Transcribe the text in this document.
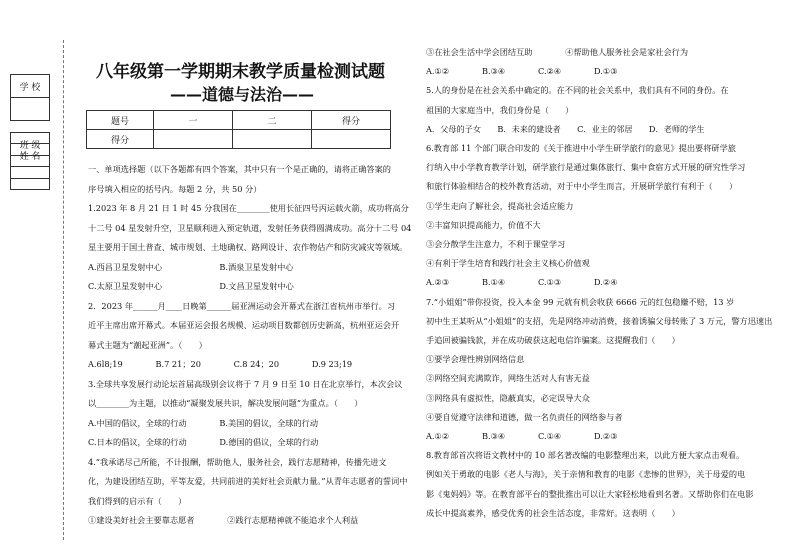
学 校
班 级
姓 名
八年级第一学期期末教学质量检测试题
——道德与法治——
题号	一	二	得分
得分			
一、单项选择题（以下各题都有四个答案，其中只有一个是正确的，请将正确答案的
序号填入相应的括号内。每题 2 分，共 50 分）
1.2023 年 8 月 21 日 1 时 45 分我国在________使用长征四号丙运载火箭，成功将高分
十二号 04 星发射升空，卫星顺利进入预定轨道，发射任务获得圆满成功。高分十二号 04
星主要用于国土普查、城市规划、土地确权、路网设计、农作物估产和防灾减灾等领域。
A.西昌卫星发射中心　　　　　　　B.酒泉卫星发射中心
C.太原卫星发射中心　　　　　　　D.文昌卫星发射中心
2．2023 年______月____日晚第______届亚洲运动会开幕式在浙江省杭州市举行。习
近平主席出席开幕式。本届亚运会报名规模、运动项目数都创历史新高，杭州亚运会开
幕式主题为“潮起亚洲”。（　　）
A.6l8;19　　　　B.7 21；20　　　　C.8 24；20　　　　D.9 23;19
3.全球共享发展行动论坛首届高级别会议将于 7 月 9 日至 10 日在北京举行，本次会议
以________为主题，以推动“凝聚发展共识，解决发展问题”为重点。（　　）
A.中国的倡议，全球的行动　　　　B.美国的倡议，全球的行动
C.日本的倡议，全球的行动　　　　D.德国的倡议，全球的行动
4.“我承诺尽己所能，不计报酬，帮助他人，服务社会，践行志愿精神，传播先进文
化，为建设团结互助，平等友爱，共同前进的美好社会贡献力量。”从青年志愿者的誓词中
我们得到的启示有（　　）
①建设美好社会主要靠志愿者　　　　②践行志愿精神就不能追求个人利益
③在社会生活中学会团结互助　　　　④帮助他人服务社会是家社会行为
A.①②　　　　B.③④　　　　C.②④　　　　D.①③
5.人的身份是在社会关系中确定的。在不同的社会关系中，我们具有不同的身份。在
祖国的大家庭当中，我们身份是（　　）
A．父母的子女　　B．未来的建设者　　C．业主的邻居　　D．老师的学生
6.教育部 11 个部门联合印发的《关于推进中小学生研学旅行的意见》提出要将研学旅
行纳入中小学教育教学计划，研学旅行是通过集体旅行、集中食宿方式开展的研究性学习
和旅行体验相结合的校外教育活动，对于中小学生而言，开展研学旅行有利于（　　）
①学生走向了解社会，提高社会适应能力
②丰富知识提高能力，价值不大
③会分散学生注意力，不利于课堂学习
④有利于学生培育和践行社会主义核心价值观
A.②③　　　　B.①④　　　　C.①③　　　　D.②④
7.“小姐姐”带你投资，投入本金 99 元就有机会收获 6666 元的红包稳赚不赔，13 岁
初中生王某听从“小姐姐”的支招，先是网络冲动消费，接着诱骗父母转账了 3 万元，警方迅速出
手追回被骗钱款，并在成功破获这起电信诈骗案。这提醒我们（　　）
①要学会理性辨别网络信息
②网络空间充满欺诈，网络生活对人有害无益
③网络具有虚拟性，隐蔽真实，必定误导大众
④要自觉遵守法律和道德，做一名负责任的网络参与者
A.①②　　　　B.③④　　　　C.①④　　　　D.②③
8.教育部首次将语文教材中的 10 部名著改编的电影整理出来，以此方便大家点击观看。
例如关于勇敢的电影《老人与海》，关于亲情和教育的电影《悲惨的世界》，关于母爱的电
影《鬼妈妈》等。在教育部平台的整批推出可以让大家轻松地看到名著。又帮助你们在电影
成长中提高素养，感受优秀的社会生活态度，非常好。这表明（　　）
